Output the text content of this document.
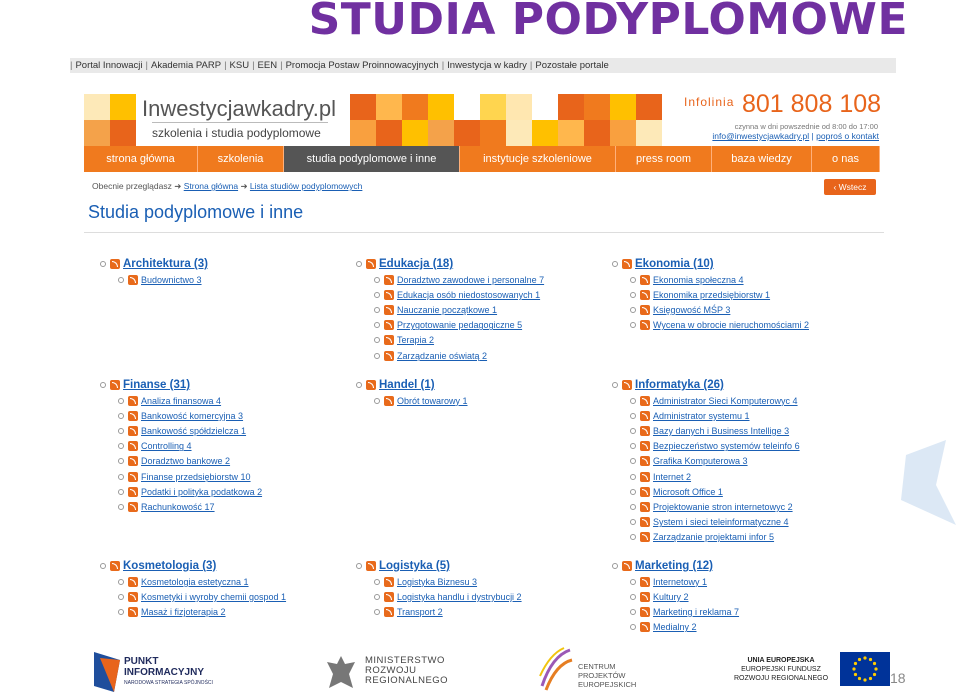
STUDIA PODYPLOMOWE
| Portal Innowacji | Akademia PARP | KSU | EEN | Promocja Postaw Proinnowacyjnych | Inwestycja w kadry | Pozostałe portale
Inwestycjawkadry.pl
szkolenia i studia podyplomowe
Infolinia 801 808 108
czynna w dni powszednie od 8:00 do 17:00
info@inwestycjawkadry.pl | poproś o kontakt
strona główna	szkolenia	studia podyplomowe i inne	instytucje szkoleniowe	press room	baza wiedzy	o nas
Obecnie przeglądasz ➜ Strona główna ➜ Lista studiów podyplomowych	‹ Wstecz
Studia podyplomowe i inne
Architektura (3)
Budownictwo 3
Edukacja (18)
Doradztwo zawodowe i personalne 7
Edukacja osób niedostosowanych 1
Nauczanie początkowe 1
Przygotowanie pedagogiczne 5
Terapia 2
Zarządzanie oświatą 2
Ekonomia (10)
Ekonomia społeczna 4
Ekonomika przedsiębiorstw 1
Księgowość MŚP 3
Wycena w obrocie nieruchomościami 2
Finanse (31)
Analiza finansowa 4
Bankowość komercyjna 3
Bankowość spółdzielcza 1
Controlling 4
Doradztwo bankowe 2
Finanse przedsiębiorstw 10
Podatki i polityka podatkowa 2
Rachunkowość 17
Handel (1)
Obrót towarowy 1
Informatyka (26)
Administrator Sieci Komputerowyc 4
Administrator systemu 1
Bazy danych i Business Intellige 3
Bezpieczeństwo systemów teleinfo 6
Grafika Komputerowa 3
Internet 2
Microsoft Office 1
Projektowanie stron internetowyc 2
System i sieci teleinformatyczne 4
Zarządzanie projektami infor 5
Kosmetologia (3)
Kosmetologia estetyczna 1
Kosmetyki i wyroby chemii gospod 1
Masaż i fizjoterapia 2
Logistyka (5)
Logistyka Biznesu 3
Logistyka handlu i dystrybucji 2
Transport 2
Marketing (12)
Internetowy 1
Kultury 2
Marketing i reklama 7
Medialny 2
PUNKT
INFORMACYJNY
NARODOWA STRATEGIA SPÓJNOŚCI
MINISTERSTWO
ROZWOJU
REGIONALNEGO
CENTRUM PROJEKTÓW
EUROPEJSKICH
UNIA EUROPEJSKA
EUROPEJSKI FUNDUSZ
ROZWOJU REGIONALNEGO	18
